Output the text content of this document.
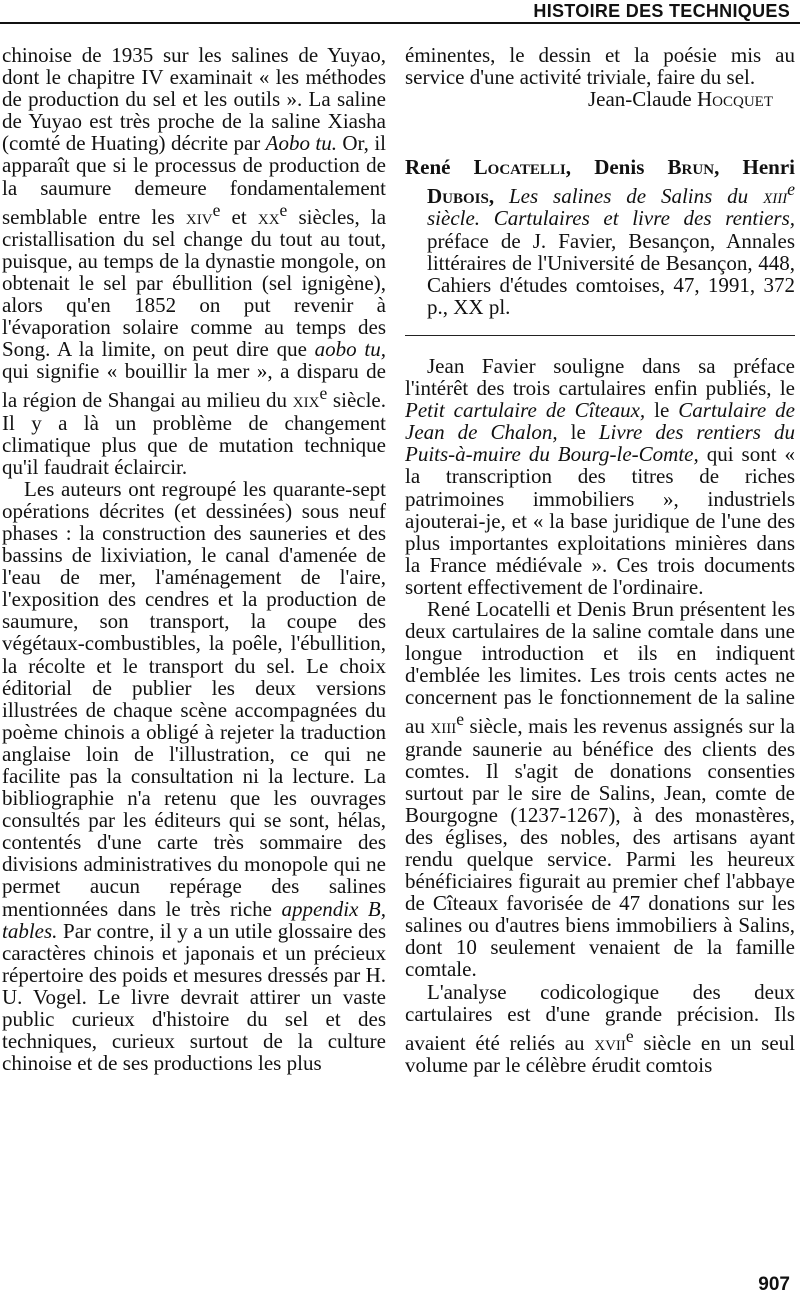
HISTOIRE DES TECHNIQUES

chinoise de 1935 sur les salines de Yuyao, dont le chapitre IV examinait « les méthodes de production du sel et les outils ». La saline de Yuyao est très proche de la saline Xiasha (comté de Huating) décrite par Aobo tu. Or, il apparaît que si le processus de production de la saumure demeure fondamentalement semblable entre les xiv$^e$ et $xx^e$ siècles, la cristallisation du sel change du tout au tout, puisque, au temps de la dynastie mongole, on obtenait le sel par ébullition (sel ignigène), alors qu'en 1852 on put revenir à l'évaporation solaire comme au temps des Song. A la limite, on peut dire que aobo tu, qui signifie « bouillir la mer », a disparu de la région de Shangai au milieu du xix$^e$ siècle. Il y a là un problème de changement climatique plus que de mutation technique qu'il faudrait éclaircir.

Les auteurs ont regroupé les quarante-sept opérations décrites (et dessinées) sous neuf phases : la construction des sauneries et des bassins de lixiviation, le canal d'amenée de l'eau de mer, l'aménagement de l'aire, l'exposition des cendres et la production de saumure, son transport, la coupe des végétaux-combustibles, la poêle, l'ébullition, la récolte et le transport du sel. Le choix éditorial de publier les deux versions illustrées de chaque scène accompagnées du poème chinois a obligé à rejeter la traduction anglaise loin de l'illustration, ce qui ne facilite pas la consultation ni la lecture. La bibliographie n'a retenu que les ouvrages consultés par les éditeurs qui se sont, hélas, contentés d'une carte très sommaire des divisions administratives du monopole qui ne permet aucun repérage des salines mentionnées dans le très riche appendix B, tables. Par contre, il y a un utile glossaire des caractères chinois et japonais et un précieux répertoire des poids et mesures dressés par H. U. Vogel. Le livre devrait attirer un vaste public curieux d'histoire du sel et des techniques, curieux surtout de la culture chinoise et de ses productions les plus

éminentes, le dessin et la poésie mis au service d'une activité triviale, faire du sel.

Jean-Claude Hocquet

René Locatelli, Denis Brun, Henri Dubois, Les salines de Salins du xiii$^e$ siècle. Cartulaires et livre des rentiers, préface de J. Favier, Besançon, Annales littéraires de l'Université de Besançon, 448, Cahiers d'études comtoises, 47, 1991, 372 p., XX pl.

Jean Favier souligne dans sa préface l'intérêt des trois cartulaires enfin publiés, le Petit cartulaire de Cîteaux, le Cartulaire de Jean de Chalon, le Livre des rentiers du Puits-à-muire du Bourg-le-Comte, qui sont « la transcription des titres de riches patrimoines immobiliers », industriels ajouterai-je, et « la base juridique de l'une des plus importantes exploitations minières dans la France médiévale ». Ces trois documents sortent effectivement de l'ordinaire.

René Locatelli et Denis Brun présentent les deux cartulaires de la saline comtale dans une longue introduction et ils en indiquent d'emblée les limites. Les trois cents actes ne concernent pas le fonctionnement de la saline au xiii$^e$ siècle, mais les revenus assignés sur la grande saunerie au bénéfice des clients des comtes. Il s'agit de donations consenties surtout par le sire de Salins, Jean, comte de Bourgogne (1237-1267), à des monastères, des églises, des nobles, des artisans ayant rendu quelque service. Parmi les heureux bénéficiaires figurait au premier chef l'abbaye de Cîteaux favorisée de 47 donations sur les salines ou d'autres biens immobiliers à Salins, dont 10 seulement venaient de la famille comtale.

L'analyse codicologique des deux cartulaires est d'une grande précision. Ils avaient été reliés au xvii$^e$ siècle en un seul volume par le célèbre érudit comtois

907
